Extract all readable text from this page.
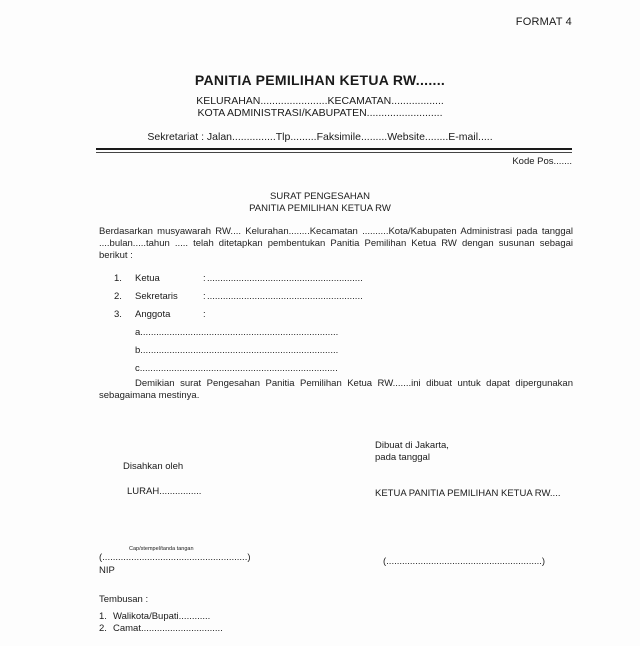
FORMAT 4
PANITIA PEMILIHAN KETUA RW.......
KELURAHAN.......................KECAMATAN..................
KOTA ADMINISTRASI/KABUPATEN..........................
Sekretariat : Jalan...............Tlp.........Faksimile.........Website........E-mail.....
Kode Pos.......
SURAT PENGESAHAN
PANITIA PEMILIHAN KETUA RW
Berdasarkan musyawarah RW.... Kelurahan........Kecamatan ..........Kota/Kabupaten Administrasi pada tanggal ....bulan.....tahun ..... telah ditetapkan pembentukan Panitia Pemilihan Ketua RW dengan susunan sebagai berikut :
1. Ketua	: ...........................................................
2. Sekretaris	: ...........................................................
3. Anggota	:
a...........................................................................
b...........................................................................
c...........................................................................
Demikian surat Pengesahan Panitia Pemilihan Ketua RW.......ini dibuat untuk dapat dipergunakan sebagaimana mestinya.
Dibuat di Jakarta,
pada tanggal
Disahkan oleh
LURAH................	KETUA PANITIA PEMILIHAN KETUA RW....
Cap/stempel/tanda tangan
(.......................................................)
NIP
(...........................................................)
Tembusan :
1. Walikota/Bupati............
2. Camat...............................
